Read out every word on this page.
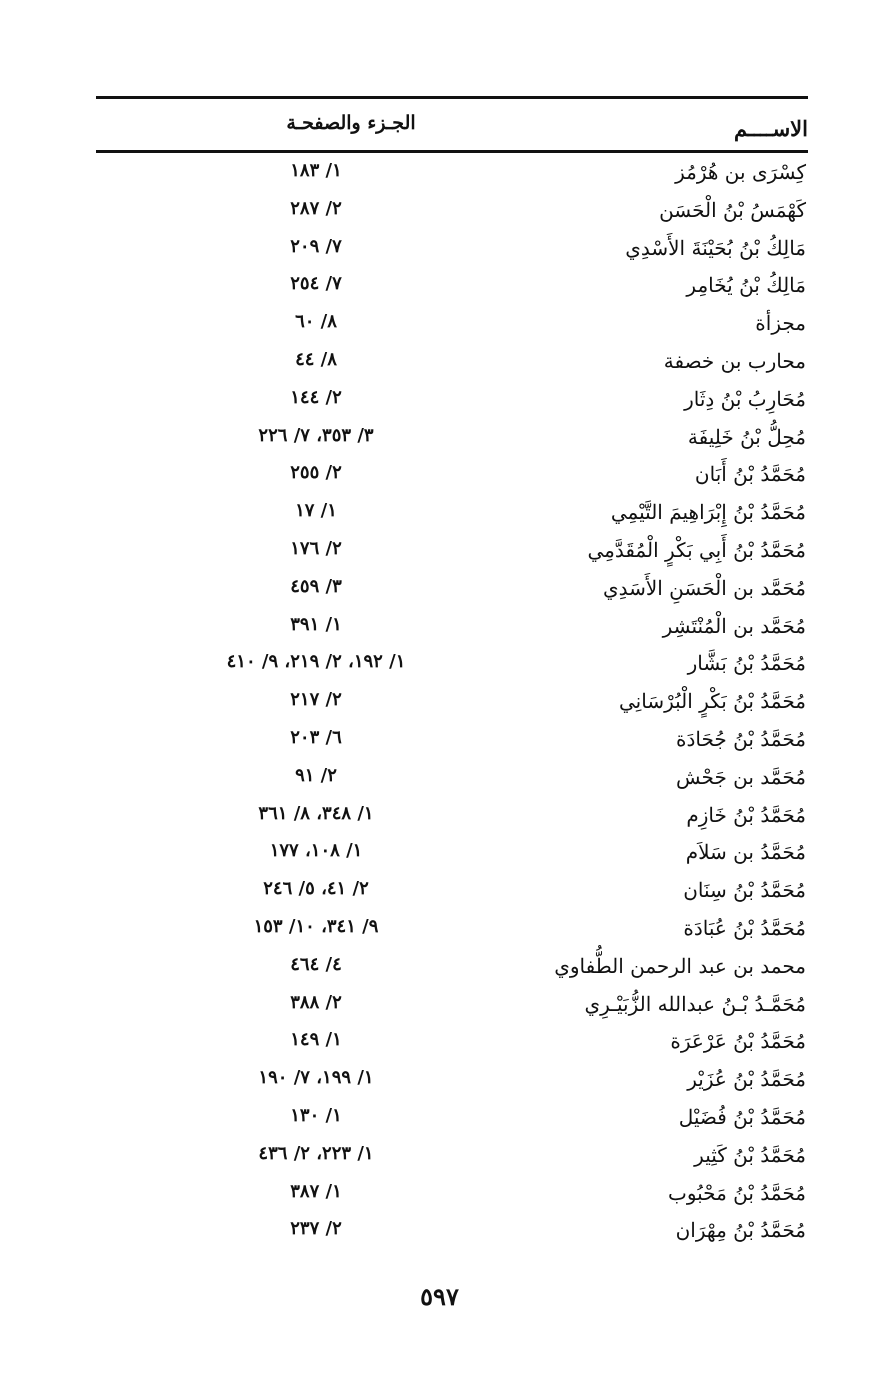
الاســــم
الجـزء والصفحـة
كِسْرَى بن هُرْمُز
١/ ١٨٣
كَهْمَسُ بْنُ الْحَسَن
٢/ ٢٨٧
مَالِكُ بْنُ بُحَيْنَةَ الأَسْدِي
٧/ ٢٠٩
مَالِكُ بْنُ يُخَامِر
٧/ ٢٥٤
مجزأة
٨/ ٦٠
محارب بن خصفة
٨/ ٤٤
مُحَارِبُ بْنُ دِثَار
٢/ ١٤٤
مُحِلُّ بْنُ خَلِيفَة
٣/ ٣٥٣، ٧/ ٢٢٦
مُحَمَّدُ بْنُ أَبَان
٢/ ٢٥٥
مُحَمَّدُ بْنُ إِبْرَاهِيمَ التَّيْمِي
١/ ١٧
مُحَمَّدُ بْنُ أَبِي بَكْرٍ الْمُقَدَّمِي
٢/ ١٧٦
مُحَمَّد بن الْحَسَنِ الأَسَدِي
٣/ ٤٥٩
مُحَمَّد بن الْمُنْتَشِر
١/ ٣٩١
مُحَمَّدُ بْنُ بَشَّار
١/ ١٩٢، ٢/ ٢١٩، ٩/ ٤١٠
مُحَمَّدُ بْنُ بَكْرٍ الْبُرْسَانِي
٢/ ٢١٧
مُحَمَّدُ بْنُ جُحَادَة
٦/ ٢٠٣
مُحَمَّد بن جَحْش
٢/ ٩١
مُحَمَّدُ بْنُ خَازِم
١/ ٣٤٨، ٨/ ٣٦١
مُحَمَّدُ بن سَلاَم
١/ ١٠٨، ١٧٧
مُحَمَّدُ بْنُ سِنَان
٢/ ٤١، ٥/ ٢٤٦
مُحَمَّدُ بْنُ عُبَادَة
٩/ ٣٤١، ١٠/ ١٥٣
محمد بن عبد الرحمن الطُّفاوي
٤/ ٤٦٤
مُحَمَّـدُ بْـنُ عبدالله الزُّبَيْـرِي
٢/ ٣٨٨
مُحَمَّدُ بْنُ عَرْعَرَة
١/ ١٤٩
مُحَمَّدُ بْنُ عُزَيْر
١/ ١٩٩، ٧/ ١٩٠
مُحَمَّدُ بْنُ فُضَيْل
١/ ١٣٠
مُحَمَّدُ بْنُ كَثِير
١/ ٢٢٣، ٢/ ٤٣٦
مُحَمَّدُ بْنُ مَحْبُوب
١/ ٣٨٧
مُحَمَّدُ بْنُ مِهْرَان
٢/ ٢٣٧
٥٩٧
